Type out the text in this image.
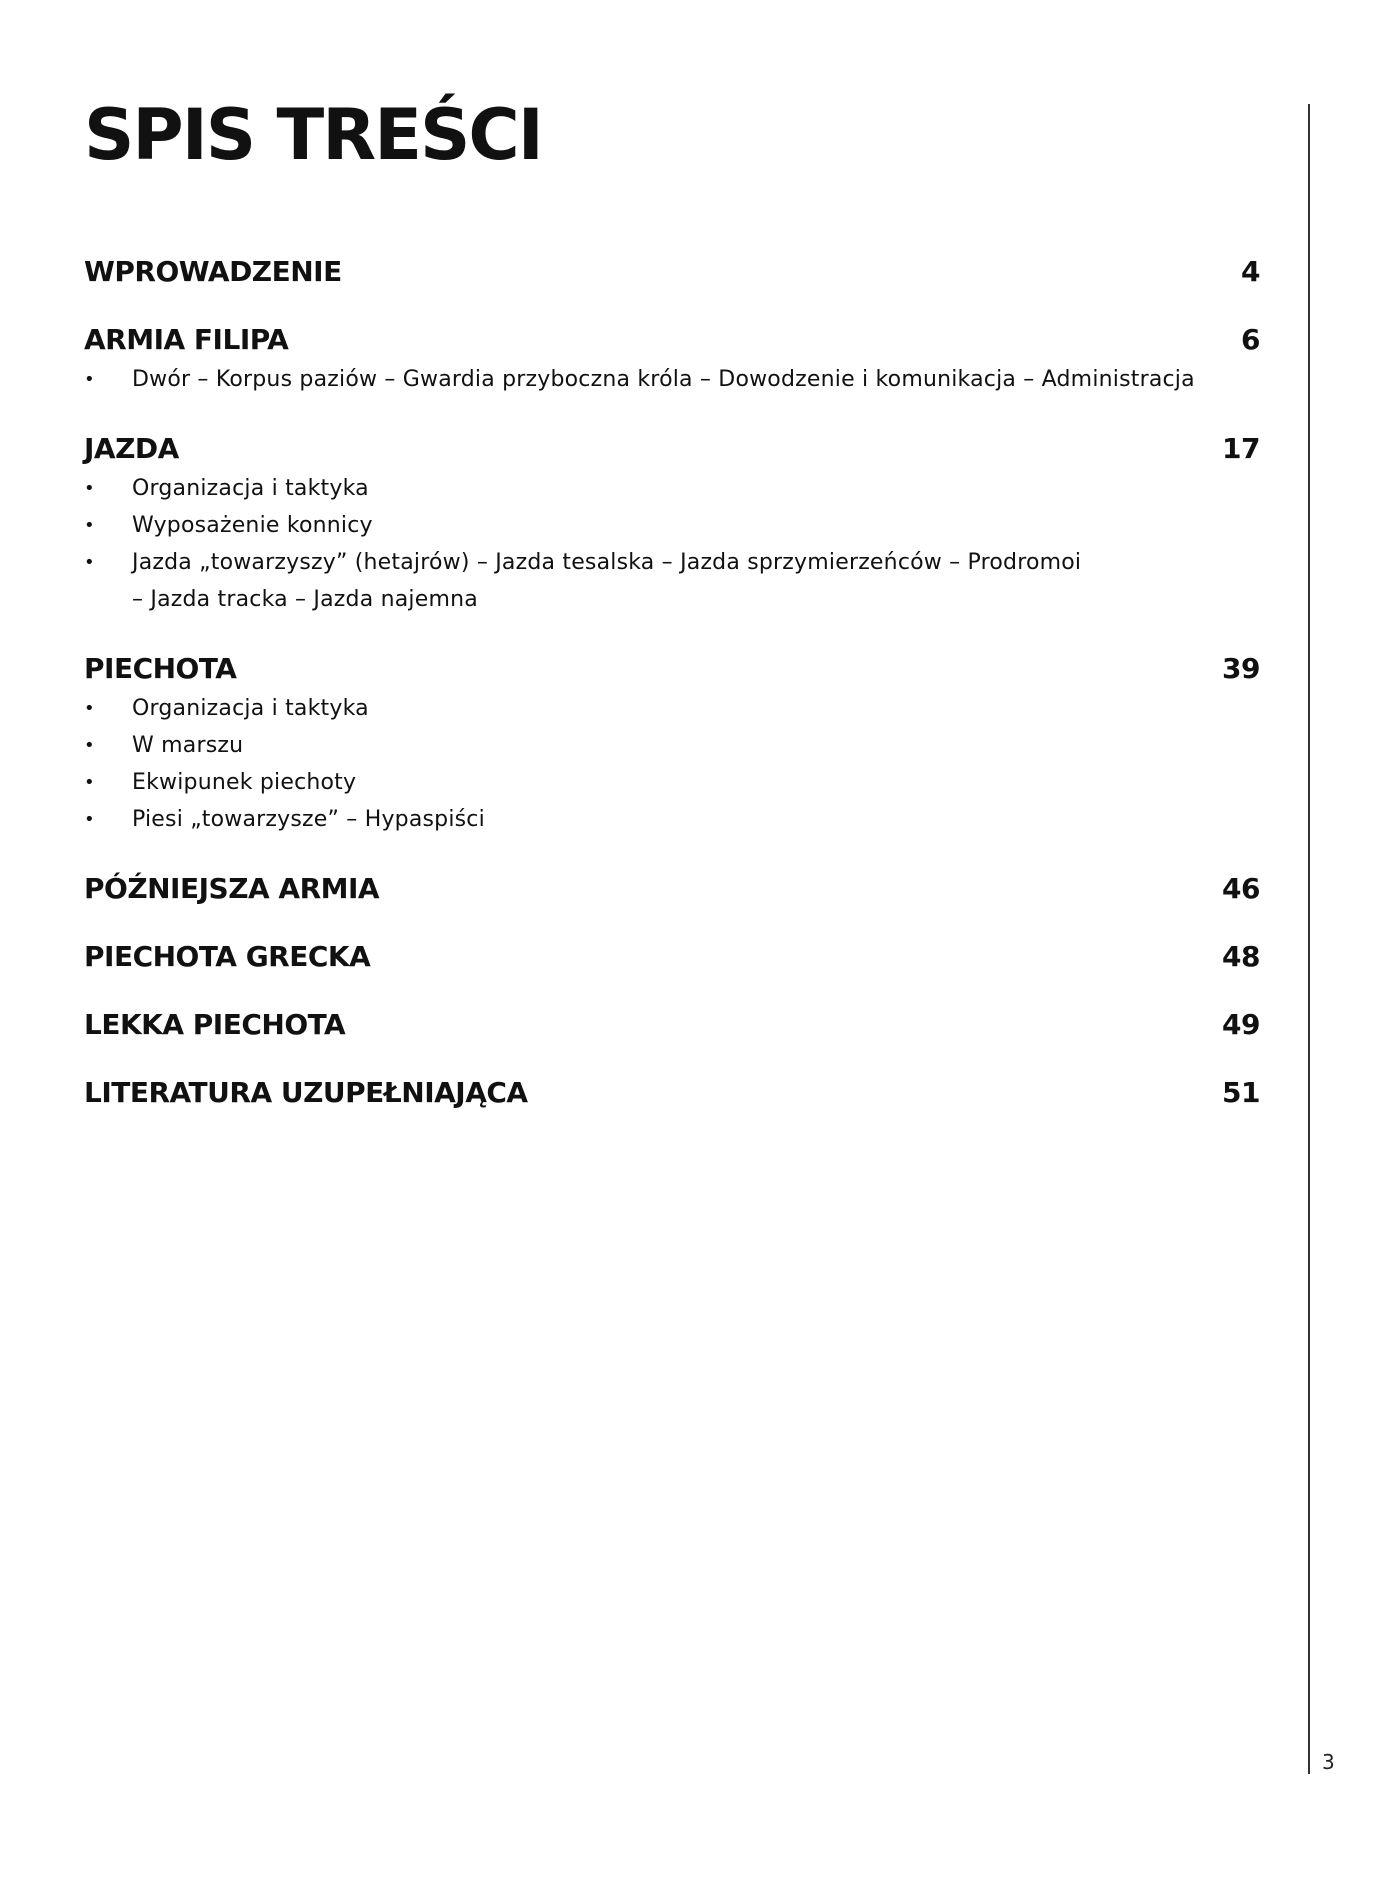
SPIS TREŚCI
WPROWADZENIE	4
ARMIA FILIPA	6
• Dwór – Korpus paziów – Gwardia przyboczna króla – Dowodzenie i komunikacja – Administracja
JAZDA	17
• Organizacja i taktyka
• Wyposażenie konnicy
• Jazda „towarzyszy” (hetajrów) – Jazda tesalska – Jazda sprzymierzeńców – Prodromoi
– Jazda tracka – Jazda najemna
PIECHOTA	39
• Organizacja i taktyka
• W marszu
• Ekwipunek piechoty
• Piesi „towarzysze” – Hypaspiści
PÓŹNIEJSZA ARMIA	46
PIECHOTA GRECKA	48
LEKKA PIECHOTA	49
LITERATURA UZUPEŁNIAJĄCA	51
3
